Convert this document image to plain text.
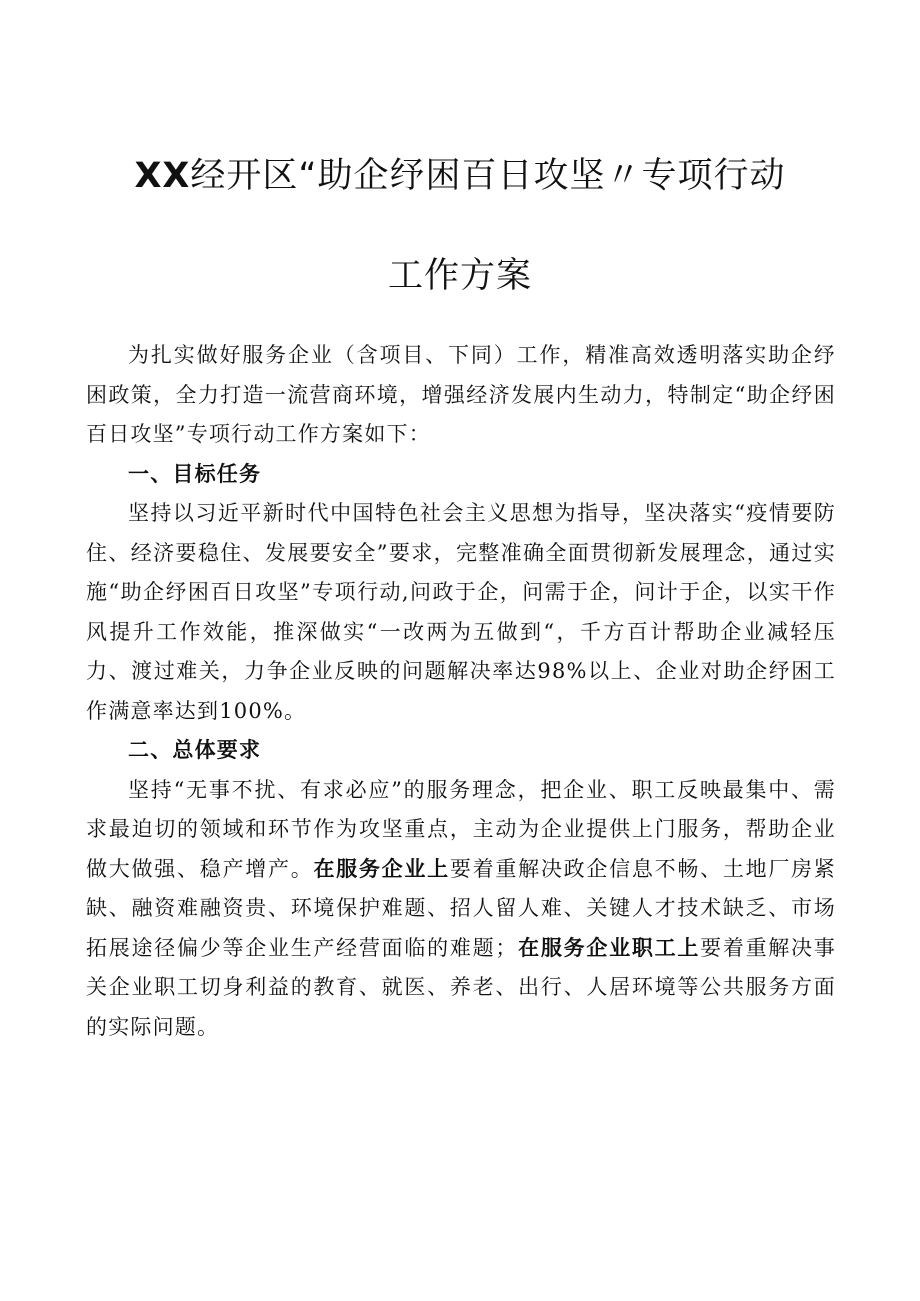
XX经开区“助企纾困百日攻坚〃专项行动
工作方案

为扎实做好服务企业（含项目、下同）工作，精准高效透明落实助企纾困政策，全力打造一流营商环境，增强经济发展内生动力，特制定“助企纾困百日攻坚”专项行动工作方案如下：

一、目标任务

坚持以习近平新时代中国特色社会主义思想为指导，坚决落实“疫情要防住、经济要稳住、发展要安全”要求，完整准确全面贯彻新发展理念，通过实施“助企纾困百日攻坚”专项行动,问政于企，问需于企，问计于企，以实干作风提升工作效能，推深做实“一改两为五做到“，千方百计帮助企业减轻压力、渡过难关，力争企业反映的问题解决率达98%以上、企业对助企纾困工作满意率达到100%。

二、总体要求

坚持“无事不扰、有求必应”的服务理念，把企业、职工反映最集中、需求最迫切的领域和环节作为攻坚重点，主动为企业提供上门服务，帮助企业做大做强、稳产增产。在服务企业上要着重解决政企信息不畅、土地厂房紧缺、融资难融资贵、环境保护难题、招人留人难、关键人才技术缺乏、市场拓展途径偏少等企业生产经营面临的难题；在服务企业职工上要着重解决事关企业职工切身利益的教育、就医、养老、出行、人居环境等公共服务方面的实际问题。
